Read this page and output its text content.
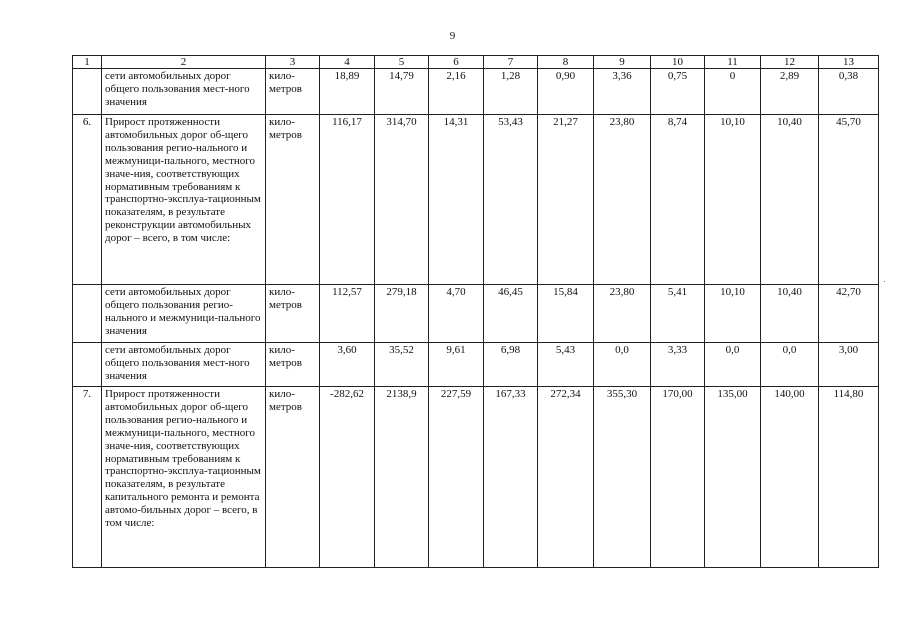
9
1	2	3	4	5	6	7	8	9	10	11	12	13
	сети автомобильных дорог общего пользования мест-ного значения	кило-метров	18,89	14,79	2,16	1,28	0,90	3,36	0,75	0	2,89	0,38
6.	Прирост протяженности автомобильных дорог об-щего пользования регио-нального и межмуници-пального, местного значе-ния, соответствующих нормативным требованиям к транспортно-эксплуа-тационным показателям, в результате реконструкции автомобильных дорог – всего, в том числе:	кило-метров	116,17	314,70	14,31	53,43	21,27	23,80	8,74	10,10	10,40	45,70
	сети автомобильных дорог общего пользования регио-нального и межмуници-пального значения	кило-метров	112,57	279,18	4,70	46,45	15,84	23,80	5,41	10,10	10,40	42,70
	сети автомобильных дорог общего пользования мест-ного значения	кило-метров	3,60	35,52	9,61	6,98	5,43	0,0	3,33	0,0	0,0	3,00
7.	Прирост протяженности автомобильных дорог об-щего пользования регио-нального и межмуници-пального, местного значе-ния, соответствующих нормативным требованиям к транспортно-эксплуа-тационным показателям, в результате капитального ремонта и ремонта автомо-бильных дорог – всего, в том числе:	кило-метров	-282,62	2138,9	227,59	167,33	272,34	355,30	170,00	135,00	140,00	114,80
